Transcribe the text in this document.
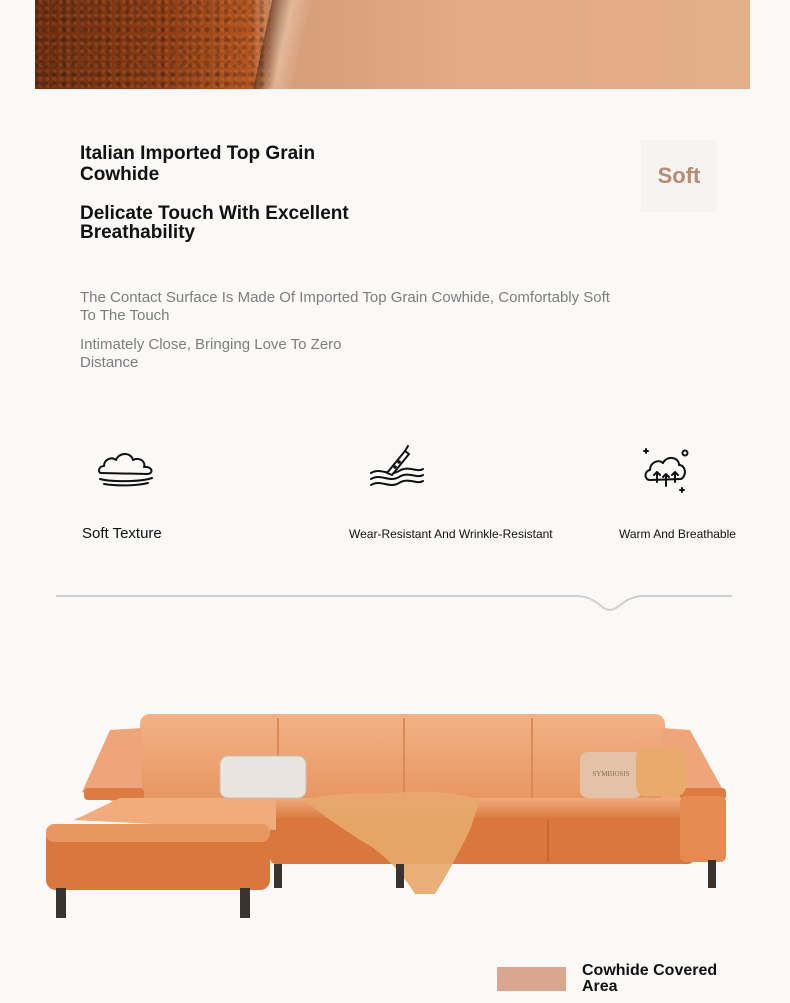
Italian Imported Top Grain Cowhide
Delicate Touch With Excellent Breathability
Soft
The Contact Surface Is Made Of Imported Top Grain Cowhide, Comfortably Soft To The Touch
Intimately Close, Bringing Love To Zero Distance
Soft Texture	Wear-Resistant And Wrinkle-Resistant	Warm And Breathable
SYMBIOSIS
Cowhide Covered Area
